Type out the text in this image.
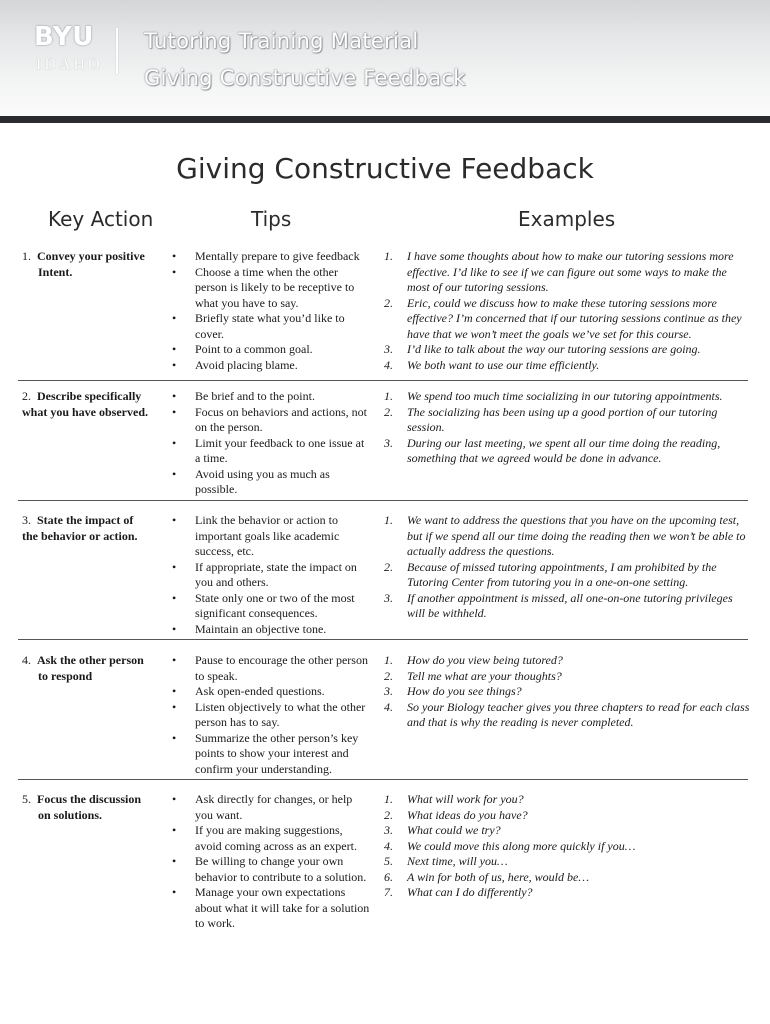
BYU
IDAHO
Tutoring Training Material
Giving Constructive Feedback
Giving Constructive Feedback
Key Action	Tips	Examples
1. Convey your positive
Intent.
• Mentally prepare to give feedback
• Choose a time when the other person is likely to be receptive to what you have to say.
• Briefly state what you’d like to cover.
• Point to a common goal.
• Avoid placing blame.
1. I have some thoughts about how to make our tutoring sessions more effective. I’d like to see if we can figure out some ways to make the most of our tutoring sessions.
2. Eric, could we discuss how to make these tutoring sessions more effective? I’m concerned that if our tutoring sessions continue as they have that we won’t meet the goals we’ve set for this course.
3. I’d like to talk about the way our tutoring sessions are going.
4. We both want to use our time efficiently.
2. Describe specifically
what you have observed.
• Be brief and to the point.
• Focus on behaviors and actions, not on the person.
• Limit your feedback to one issue at a time.
• Avoid using you as much as possible.
1. We spend too much time socializing in our tutoring appointments.
2. The socializing has been using up a good portion of our tutoring session.
3. During our last meeting, we spent all our time doing the reading, something that we agreed would be done in advance.
3. State the impact of
the behavior or action.
• Link the behavior or action to important goals like academic success, etc.
• If appropriate, state the impact on you and others.
• State only one or two of the most significant consequences.
• Maintain an objective tone.
1. We want to address the questions that you have on the upcoming test, but if we spend all our time doing the reading then we won’t be able to actually address the questions.
2. Because of missed tutoring appointments, I am prohibited by the Tutoring Center from tutoring you in a one-on-one setting.
3. If another appointment is missed, all one-on-one tutoring privileges will be withheld.
4. Ask the other person
to respond
• Pause to encourage the other person to speak.
• Ask open-ended questions.
• Listen objectively to what the other person has to say.
• Summarize the other person’s key points to show your interest and confirm your understanding.
1. How do you view being tutored?
2. Tell me what are your thoughts?
3. How do you see things?
4. So your Biology teacher gives you three chapters to read for each class and that is why the reading is never completed.
5. Focus the discussion
on solutions.
• Ask directly for changes, or help you want.
• If you are making suggestions, avoid coming across as an expert.
• Be willing to change your own behavior to contribute to a solution.
• Manage your own expectations about what it will take for a solution to work.
1. What will work for you?
2. What ideas do you have?
3. What could we try?
4. We could move this along more quickly if you…
5. Next time, will you…
6. A win for both of us, here, would be…
7. What can I do differently?
